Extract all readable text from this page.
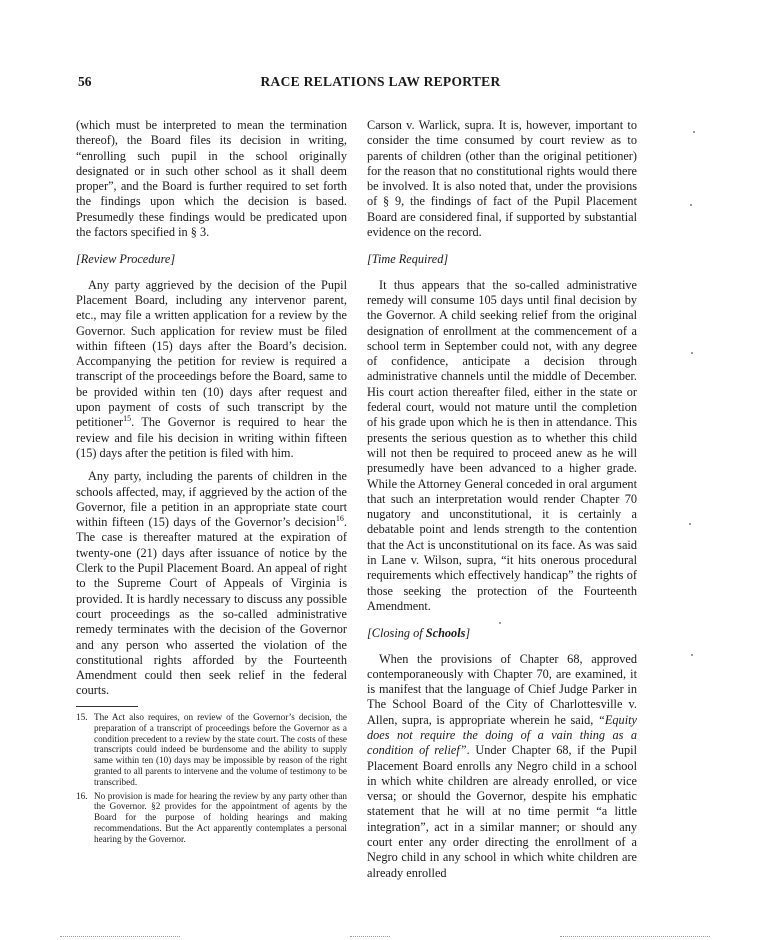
56	RACE RELATIONS LAW REPORTER

(which must be interpreted to mean the termination thereof), the Board files its decision in writing, “enrolling such pupil in the school originally designated or in such other school as it shall deem proper”, and the Board is further required to set forth the findings upon which the decision is based. Presumedly these findings would be predicated upon the factors specified in § 3.

[Review Procedure]

Any party aggrieved by the decision of the Pupil Placement Board, including any intervenor parent, etc., may file a written application for a review by the Governor. Such application for review must be filed within fifteen (15) days after the Board’s decision. Accompanying the petition for review is required a transcript of the proceedings before the Board, same to be provided within ten (10) days after request and upon payment of costs of such transcript by the petitioner$^{15}$. The Governor is required to hear the review and file his decision in writing within fifteen (15) days after the petition is filed with him.

Any party, including the parents of children in the schools affected, may, if aggrieved by the action of the Governor, file a petition in an appropriate state court within fifteen (15) days of the Governor’s decision$^{16}$. The case is thereafter matured at the expiration of twenty-one (21) days after issuance of notice by the Clerk to the Pupil Placement Board. An appeal of right to the Supreme Court of Appeals of Virginia is provided. It is hardly necessary to discuss any possible court proceedings as the so-called administrative remedy terminates with the decision of the Governor and any person who asserted the violation of the constitutional rights afforded by the Fourteenth Amendment could then seek relief in the federal courts.

15. The Act also requires, on review of the Governor’s decision, the preparation of a transcript of proceedings before the Governor as a condition precedent to a review by the state court. The costs of these transcripts could indeed be burdensome and the ability to supply same within ten (10) days may be impossible by reason of the right granted to all parents to intervene and the volume of testimony to be transcribed.
16. No provision is made for hearing the review by any party other than the Governor. §2 provides for the appointment of agents by the Board for the purpose of holding hearings and making recommendations. But the Act apparently contemplates a personal hearing by the Governor.

Carson v. Warlick, supra. It is, however, important to consider the time consumed by court review as to parents of children (other than the original petitioner) for the reason that no constitutional rights would there be involved. It is also noted that, under the provisions of § 9, the findings of fact of the Pupil Placement Board are considered final, if supported by substantial evidence on the record.

[Time Required]

It thus appears that the so-called administrative remedy will consume 105 days until final decision by the Governor. A child seeking relief from the original designation of enrollment at the commencement of a school term in September could not, with any degree of confidence, anticipate a decision through administrative channels until the middle of December. His court action thereafter filed, either in the state or federal court, would not mature until the completion of his grade upon which he is then in attendance. This presents the serious question as to whether this child will not then be required to proceed anew as he will presumedly have been advanced to a higher grade. While the Attorney General conceded in oral argument that such an interpretation would render Chapter 70 nugatory and unconstitutional, it is certainly a debatable point and lends strength to the contention that the Act is unconstitutional on its face. As was said in Lane v. Wilson, supra, “it hits onerous procedural requirements which effectively handicap” the rights of those seeking the protection of the Fourteenth Amendment.

[Closing of Schools]

When the provisions of Chapter 68, approved contemporaneously with Chapter 70, are examined, it is manifest that the language of Chief Judge Parker in The School Board of the City of Charlottesville v. Allen, supra, is appropriate wherein he said, “Equity does not require the doing of a vain thing as a condition of relief”. Under Chapter 68, if the Pupil Placement Board enrolls any Negro child in a school in which white children are already enrolled, or vice versa; or should the Governor, despite his emphatic statement that he will at no time permit “a little integration”, act in a similar manner; or should any court enter any order directing the enrollment of a Negro child in any school in which white children are already enrolled
